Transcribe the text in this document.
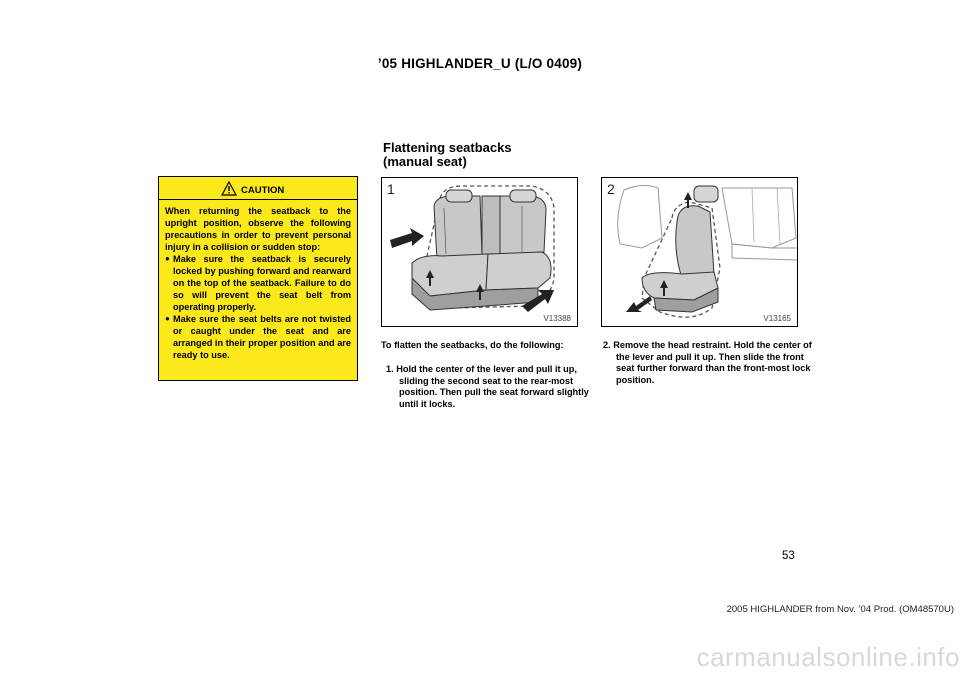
’05 HIGHLANDER_U (L/O 0409)
Flattening seatbacks
(manual seat)
CAUTION
When returning the seatback to the upright position, observe the following precautions in order to prevent personal injury in a collision or sudden stop:
● Make sure the seatback is securely locked by pushing forward and rearward on the top of the seatback. Failure to do so will prevent the seat belt from operating properly.
● Make sure the seat belts are not twisted or caught under the seat and are arranged in their proper position and are ready to use.
1
V13388
2
V13165
To flatten the seatbacks, do the following:
1. Hold the center of the lever and pull it up, sliding the second seat to the rear-most position. Then pull the seat forward slightly until it locks.
2. Remove the head restraint. Hold the center of the lever and pull it up. Then slide the front seat further forward than the front-most lock position.
53
2005 HIGHLANDER from Nov. ’04 Prod. (OM48570U)
carmanualsonline.info
